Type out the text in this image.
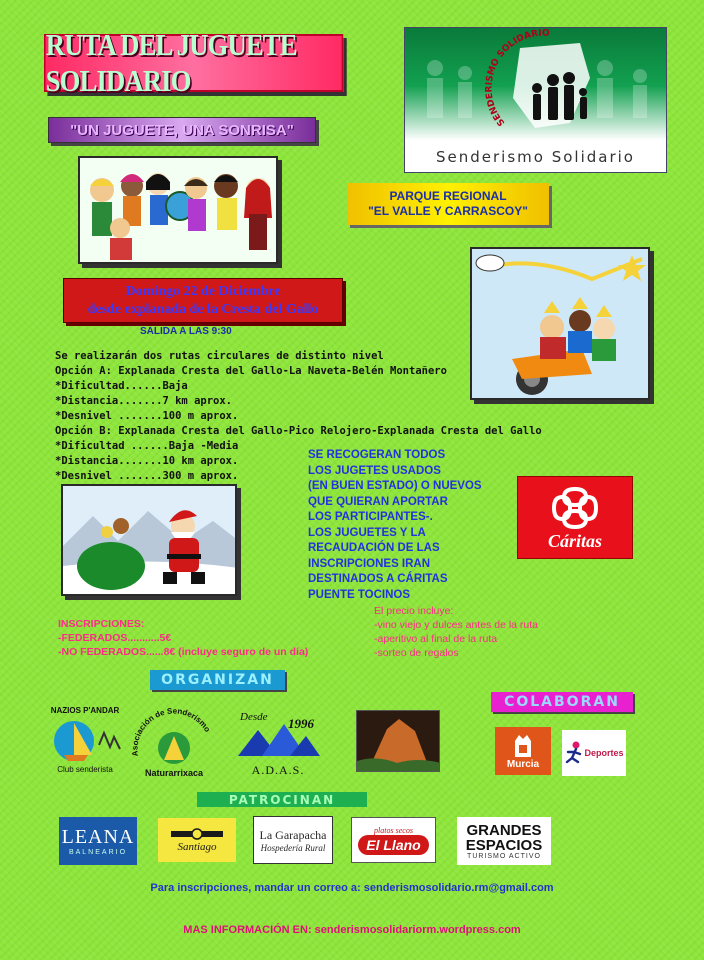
RUTA DEL JUGUETE SOLIDARIO
"UN JUGUETE, UNA SONRISA"	SENDERISMO SOLIDARIO
Senderismo Solidario
PARQUE REGIONAL
"EL VALLE Y CARRASCOY"
Domingo 22 de Diciembre
desde explanada de la Cresta del Gallo
SALIDA A LAS 9:30
Se realizarán dos rutas circulares de distinto nivel
Opción A: Explanada Cresta del Gallo-La Naveta-Belén Montañero
*Dificultad......Baja
*Distancia.......7 km aprox.
*Desnivel .......100 m aprox.
Opción B: Explanada Cresta del Gallo-Pico Relojero-Explanada Cresta del Gallo
*Dificultad ......Baja -Media
*Distancia.......10 km aprox.
*Desnivel .......300 m aprox.
SE RECOGERAN TODOS
LOS JUGETES USADOS
(EN BUEN ESTADO) O NUEVOS
QUE QUIERAN APORTAR
LOS PARTICIPANTES-.
LOS JUGUETES Y LA
RECAUDACIÓN DE LAS
INSCRIPCIONES IRAN
DESTINADOS A CÁRITAS
PUENTE TOCINOS
Cáritas
INSCRIPCIONES:
-FEDERADOS...........5€
-NO FEDERADOS......8€ (incluye seguro de un día)
El precio incluye:
-vino viejo y dulces antes de la ruta
-aperitivo al final de la ruta
-sorteo de regalos
ORGANIZAN
NAZIOS P'ANDAR
Club senderista
Asociación de Senderismo
Naturarrixaca
Desde 1996
A.D.A.S.
COLABORAN
Murcia
Deportes
PATROCINAN
LEANA
BALNEARIO	Santiago
La Garapacha
Hospedería Rural
platos secos
El Llano
GRANDES
ESPACIOS
TURISMO ACTIVO
Para inscripciones, mandar un correo a: senderismosolidario.rm@gmail.com
MAS INFORMACIÓN EN: senderismosolidariorm.wordpress.com
